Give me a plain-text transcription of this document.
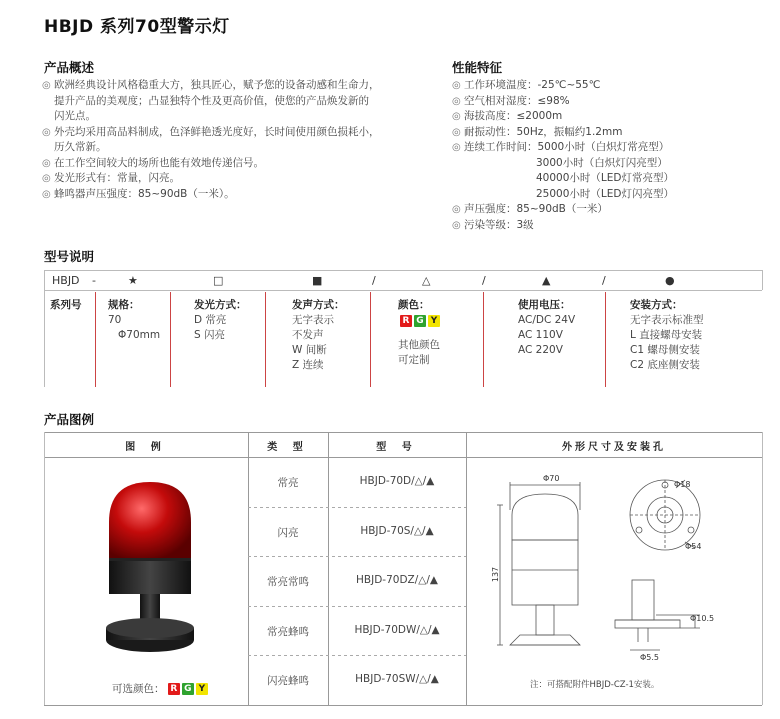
HBJD 系列70型警示灯
产品概述
◎ 欧洲经典设计风格稳重大方，独具匠心，赋予您的设备动感和生命力，
提升产品的美观度；凸显独特个性及更高价值，使您的产品焕发新的
闪光点。
◎ 外壳均采用高品料制成，色泽鲜艳透光度好，长时间使用颜色损耗小，
历久常新。
◎ 在工作空间较大的场所也能有效地传递信号。
◎ 发光形式有：常量，闪亮。
◎ 蜂鸣器声压强度：85~90dB（一米）。
性能特征
◎ 工作环境温度：-25℃~55℃
◎ 空气相对湿度：≤98%
◎ 海拔高度：≤2000m
◎ 耐振动性：50Hz，振幅约1.2mm
◎ 连续工作时间：5000小时（白炽灯常亮型）
3000小时（白炽灯闪亮型）
40000小时（LED灯常亮型）
25000小时（LED灯闪亮型）
◎ 声压强度：85~90dB（一米）
◎ 污染等级：3级
型号说明
HBJD -	★	□	■	/	△	/	▲	/	●
系列号	规格：
70
Φ70mm
发光方式：
D 常亮
S 闪亮
发声方式：
无字表示
不发声
W 间断
Z 连续
颜色：
R G Y
其他颜色
可定制
使用电压：
AC/DC 24V
AC 110V
AC 220V
安装方式：
无字表示标准型
L 直接螺母安装
C1 螺母侧安装
C2 底座侧安装
产品图例
图 例	类 型	型 号	外形尺寸及安装孔
常亮	HBJD-70D/△/▲
闪亮	HBJD-70S/△/▲
常亮常鸣	HBJD-70DZ/△/▲
常亮蜂鸣	HBJD-70DW/△/▲
闪亮蜂鸣	HBJD-70SW/△/▲
可选颜色： R G Y
Φ70
Φ18
Φ54
137
Φ10.5
Φ5.5
注：可搭配附件HBJD-CZ-1安装。
